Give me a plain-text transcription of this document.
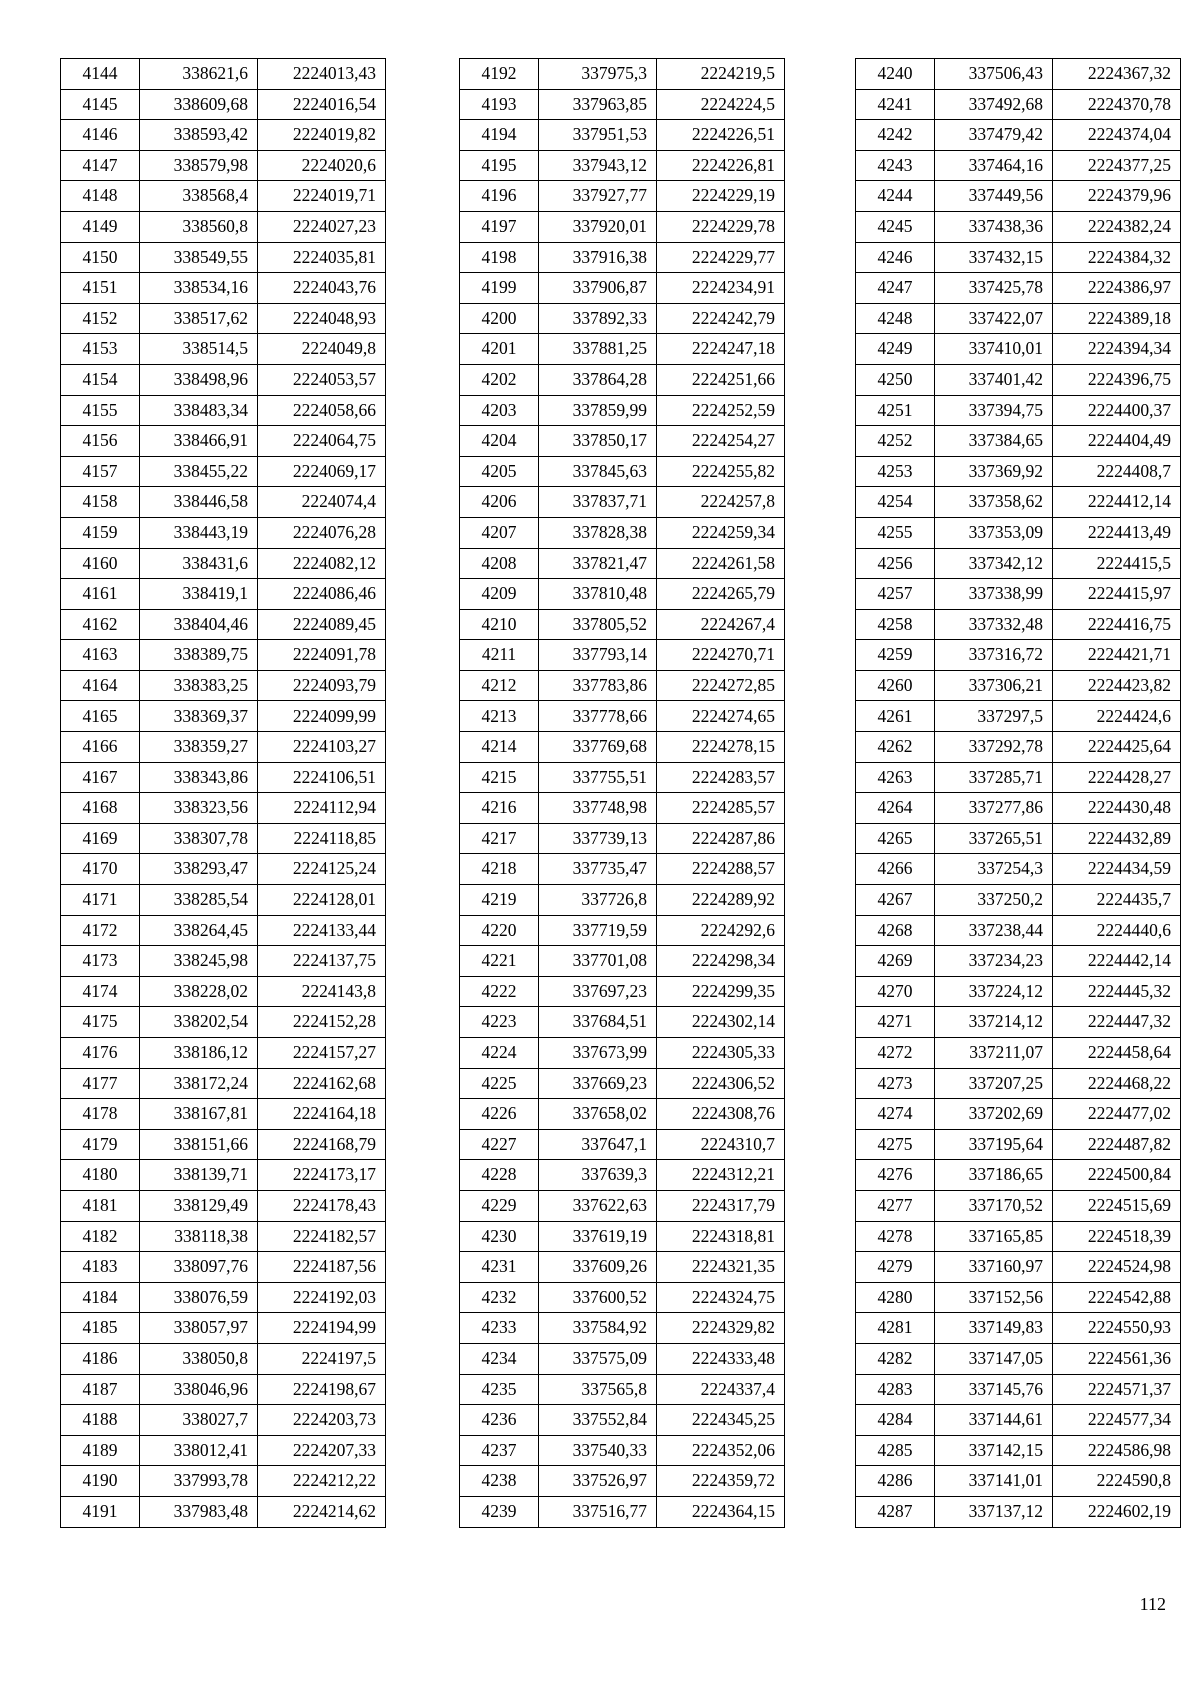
4144	338621,6	2224013,43
4145	338609,68	2224016,54
4146	338593,42	2224019,82
4147	338579,98	2224020,6
4148	338568,4	2224019,71
4149	338560,8	2224027,23
4150	338549,55	2224035,81
4151	338534,16	2224043,76
4152	338517,62	2224048,93
4153	338514,5	2224049,8
4154	338498,96	2224053,57
4155	338483,34	2224058,66
4156	338466,91	2224064,75
4157	338455,22	2224069,17
4158	338446,58	2224074,4
4159	338443,19	2224076,28
4160	338431,6	2224082,12
4161	338419,1	2224086,46
4162	338404,46	2224089,45
4163	338389,75	2224091,78
4164	338383,25	2224093,79
4165	338369,37	2224099,99
4166	338359,27	2224103,27
4167	338343,86	2224106,51
4168	338323,56	2224112,94
4169	338307,78	2224118,85
4170	338293,47	2224125,24
4171	338285,54	2224128,01
4172	338264,45	2224133,44
4173	338245,98	2224137,75
4174	338228,02	2224143,8
4175	338202,54	2224152,28
4176	338186,12	2224157,27
4177	338172,24	2224162,68
4178	338167,81	2224164,18
4179	338151,66	2224168,79
4180	338139,71	2224173,17
4181	338129,49	2224178,43
4182	338118,38	2224182,57
4183	338097,76	2224187,56
4184	338076,59	2224192,03
4185	338057,97	2224194,99
4186	338050,8	2224197,5
4187	338046,96	2224198,67
4188	338027,7	2224203,73
4189	338012,41	2224207,33
4190	337993,78	2224212,22
4191	337983,48	2224214,62
4192	337975,3	2224219,5
4193	337963,85	2224224,5
4194	337951,53	2224226,51
4195	337943,12	2224226,81
4196	337927,77	2224229,19
4197	337920,01	2224229,78
4198	337916,38	2224229,77
4199	337906,87	2224234,91
4200	337892,33	2224242,79
4201	337881,25	2224247,18
4202	337864,28	2224251,66
4203	337859,99	2224252,59
4204	337850,17	2224254,27
4205	337845,63	2224255,82
4206	337837,71	2224257,8
4207	337828,38	2224259,34
4208	337821,47	2224261,58
4209	337810,48	2224265,79
4210	337805,52	2224267,4
4211	337793,14	2224270,71
4212	337783,86	2224272,85
4213	337778,66	2224274,65
4214	337769,68	2224278,15
4215	337755,51	2224283,57
4216	337748,98	2224285,57
4217	337739,13	2224287,86
4218	337735,47	2224288,57
4219	337726,8	2224289,92
4220	337719,59	2224292,6
4221	337701,08	2224298,34
4222	337697,23	2224299,35
4223	337684,51	2224302,14
4224	337673,99	2224305,33
4225	337669,23	2224306,52
4226	337658,02	2224308,76
4227	337647,1	2224310,7
4228	337639,3	2224312,21
4229	337622,63	2224317,79
4230	337619,19	2224318,81
4231	337609,26	2224321,35
4232	337600,52	2224324,75
4233	337584,92	2224329,82
4234	337575,09	2224333,48
4235	337565,8	2224337,4
4236	337552,84	2224345,25
4237	337540,33	2224352,06
4238	337526,97	2224359,72
4239	337516,77	2224364,15
4240	337506,43	2224367,32
4241	337492,68	2224370,78
4242	337479,42	2224374,04
4243	337464,16	2224377,25
4244	337449,56	2224379,96
4245	337438,36	2224382,24
4246	337432,15	2224384,32
4247	337425,78	2224386,97
4248	337422,07	2224389,18
4249	337410,01	2224394,34
4250	337401,42	2224396,75
4251	337394,75	2224400,37
4252	337384,65	2224404,49
4253	337369,92	2224408,7
4254	337358,62	2224412,14
4255	337353,09	2224413,49
4256	337342,12	2224415,5
4257	337338,99	2224415,97
4258	337332,48	2224416,75
4259	337316,72	2224421,71
4260	337306,21	2224423,82
4261	337297,5	2224424,6
4262	337292,78	2224425,64
4263	337285,71	2224428,27
4264	337277,86	2224430,48
4265	337265,51	2224432,89
4266	337254,3	2224434,59
4267	337250,2	2224435,7
4268	337238,44	2224440,6
4269	337234,23	2224442,14
4270	337224,12	2224445,32
4271	337214,12	2224447,32
4272	337211,07	2224458,64
4273	337207,25	2224468,22
4274	337202,69	2224477,02
4275	337195,64	2224487,82
4276	337186,65	2224500,84
4277	337170,52	2224515,69
4278	337165,85	2224518,39
4279	337160,97	2224524,98
4280	337152,56	2224542,88
4281	337149,83	2224550,93
4282	337147,05	2224561,36
4283	337145,76	2224571,37
4284	337144,61	2224577,34
4285	337142,15	2224586,98
4286	337141,01	2224590,8
4287	337137,12	2224602,19
112
